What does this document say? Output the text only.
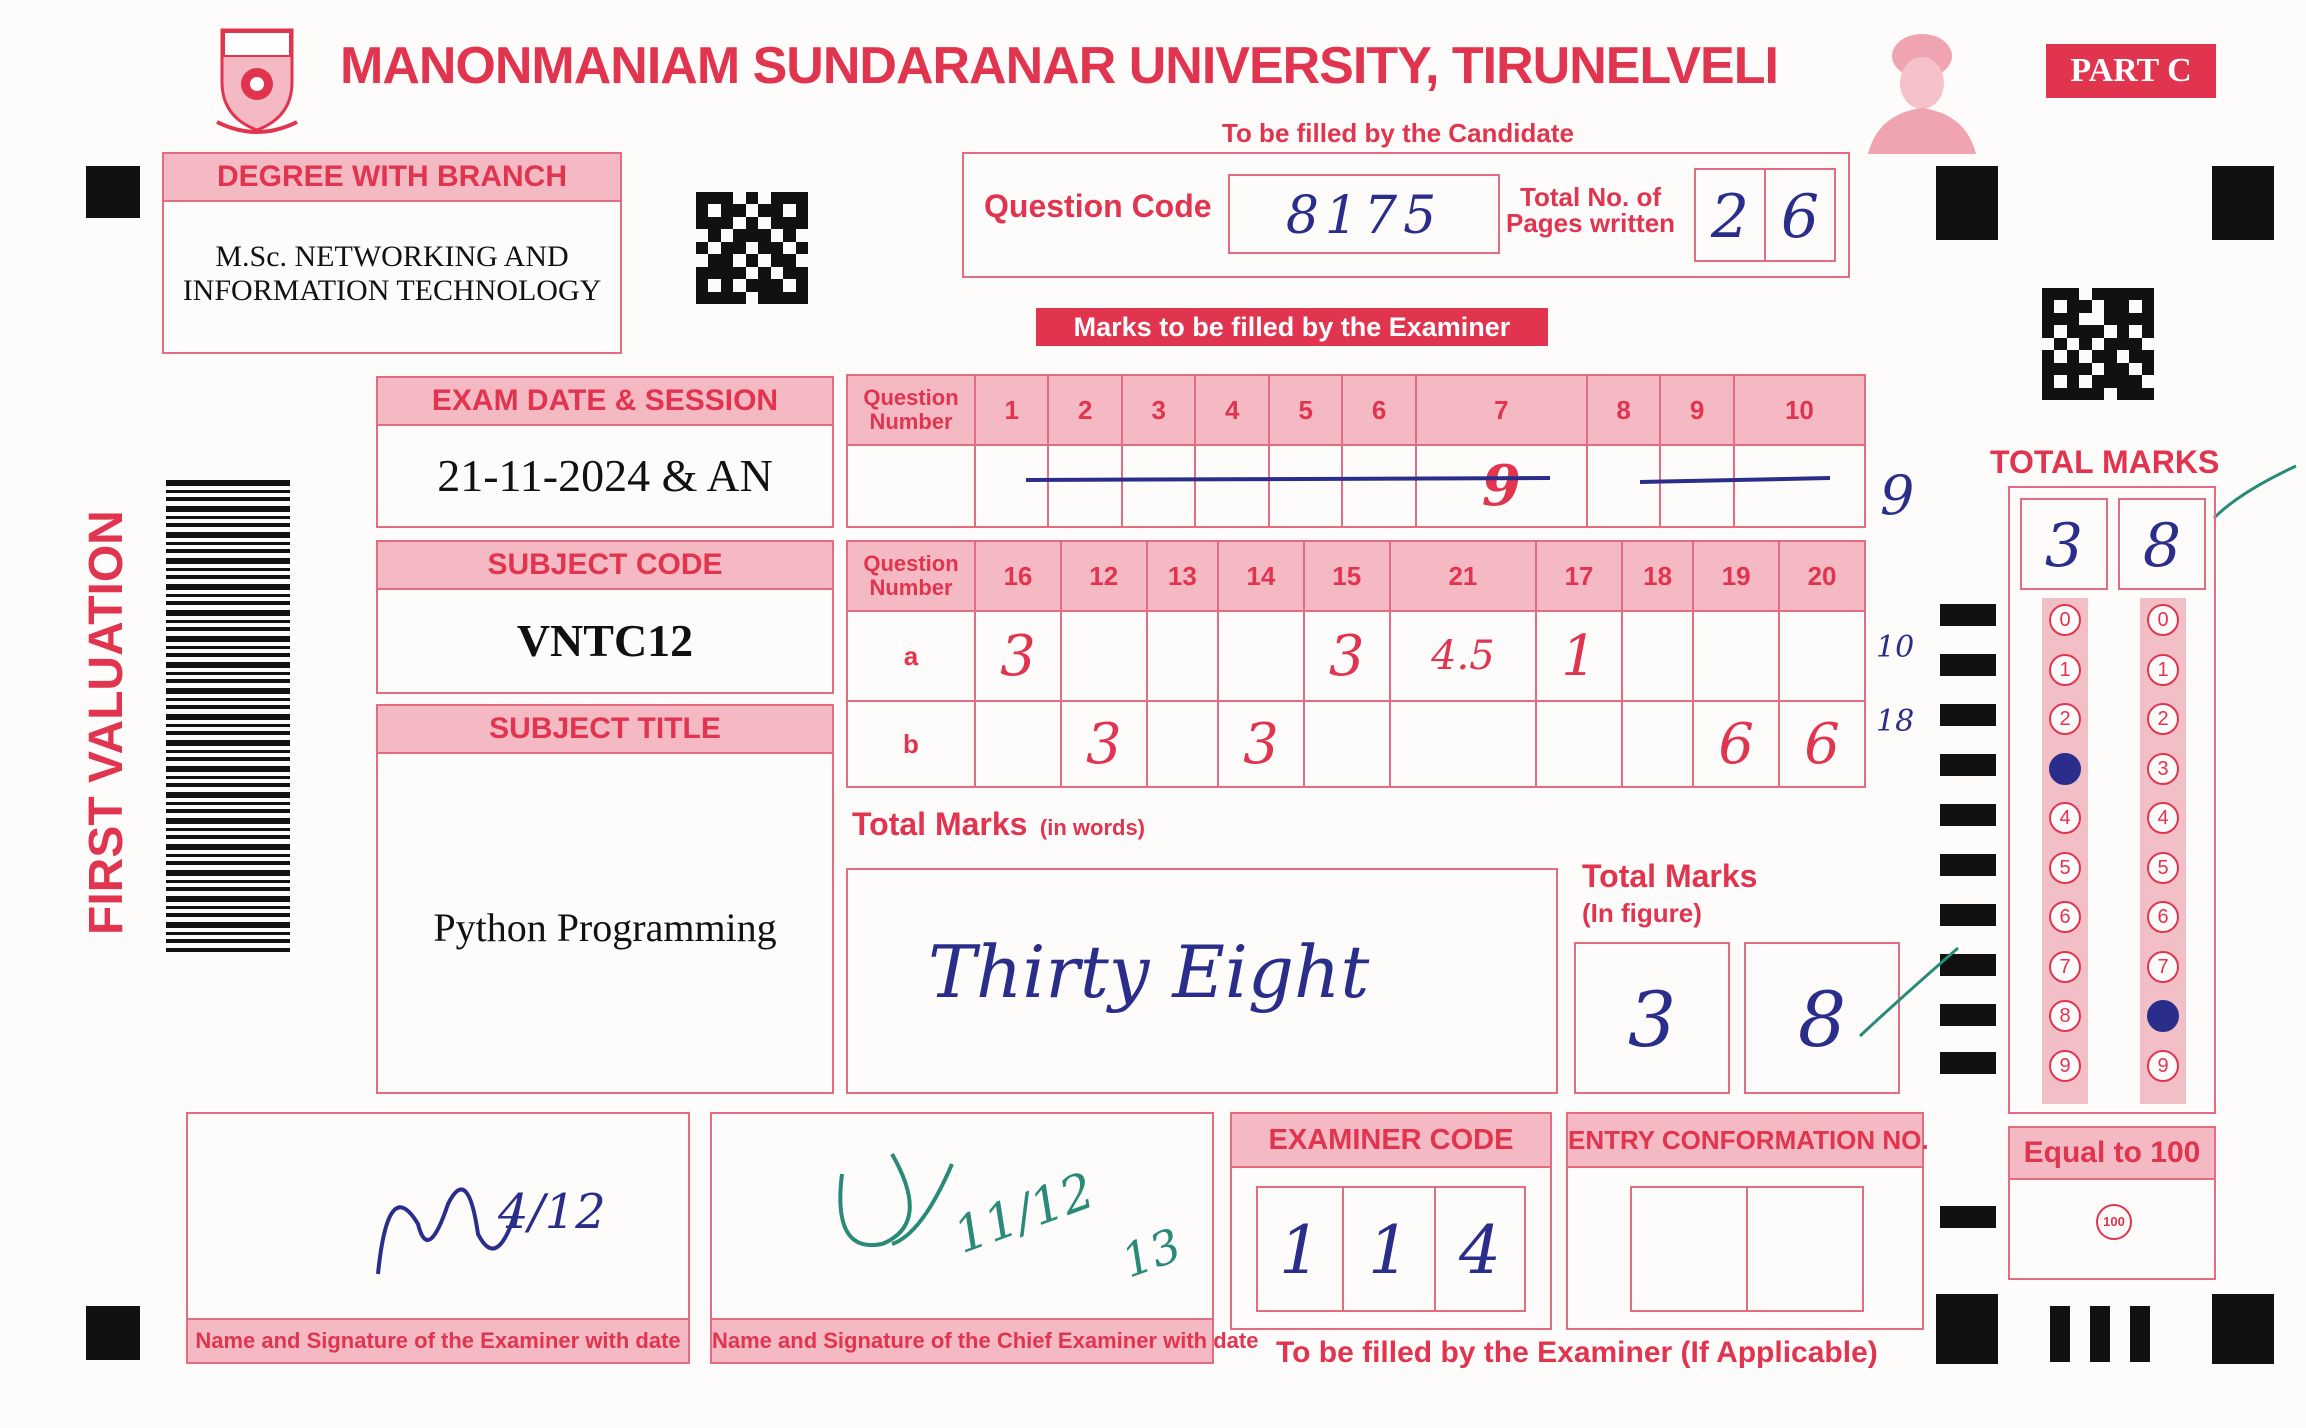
MANONMANIAM SUNDARANAR UNIVERSITY, TIRUNELVELI	PART C
To be filled by the Candidate
DEGREE WITH BRANCH
M.Sc. NETWORKING AND
INFORMATION TECHNOLOGY
Question Code	8175	Total No. of
Pages written 2 6
Marks to be filled by the Examiner
EXAM DATE & SESSION
21-11-2024 & AN
SUBJECT CODE
VNTC12
SUBJECT TITLE
Python Programming
FIRST VALUATION
Question
Number	1	2	3	4	5	6	7	8	9	10
							9				9
Question
Number	16	12	13	14	15	21	17	18	19	20
a	3				3	4.5	1			
b		3		3					6	6
10
18
Total Marks (in words)
Thirty Eight
Total Marks
(In figure)
3	8
TOTAL MARKS
3 8
0
1
2
3
4
5
6
7
8
9
0
1
2
3
4
5
6
7
8
9
Equal to 100
100
4/12
Name and Signature of the Examiner with date
11/12 13
Name and Signature of the Chief Examiner with date
EXAMINER CODE
1 1 4
ENTRY CONFORMATION NO.
To be filled by the Examiner (If Applicable)
